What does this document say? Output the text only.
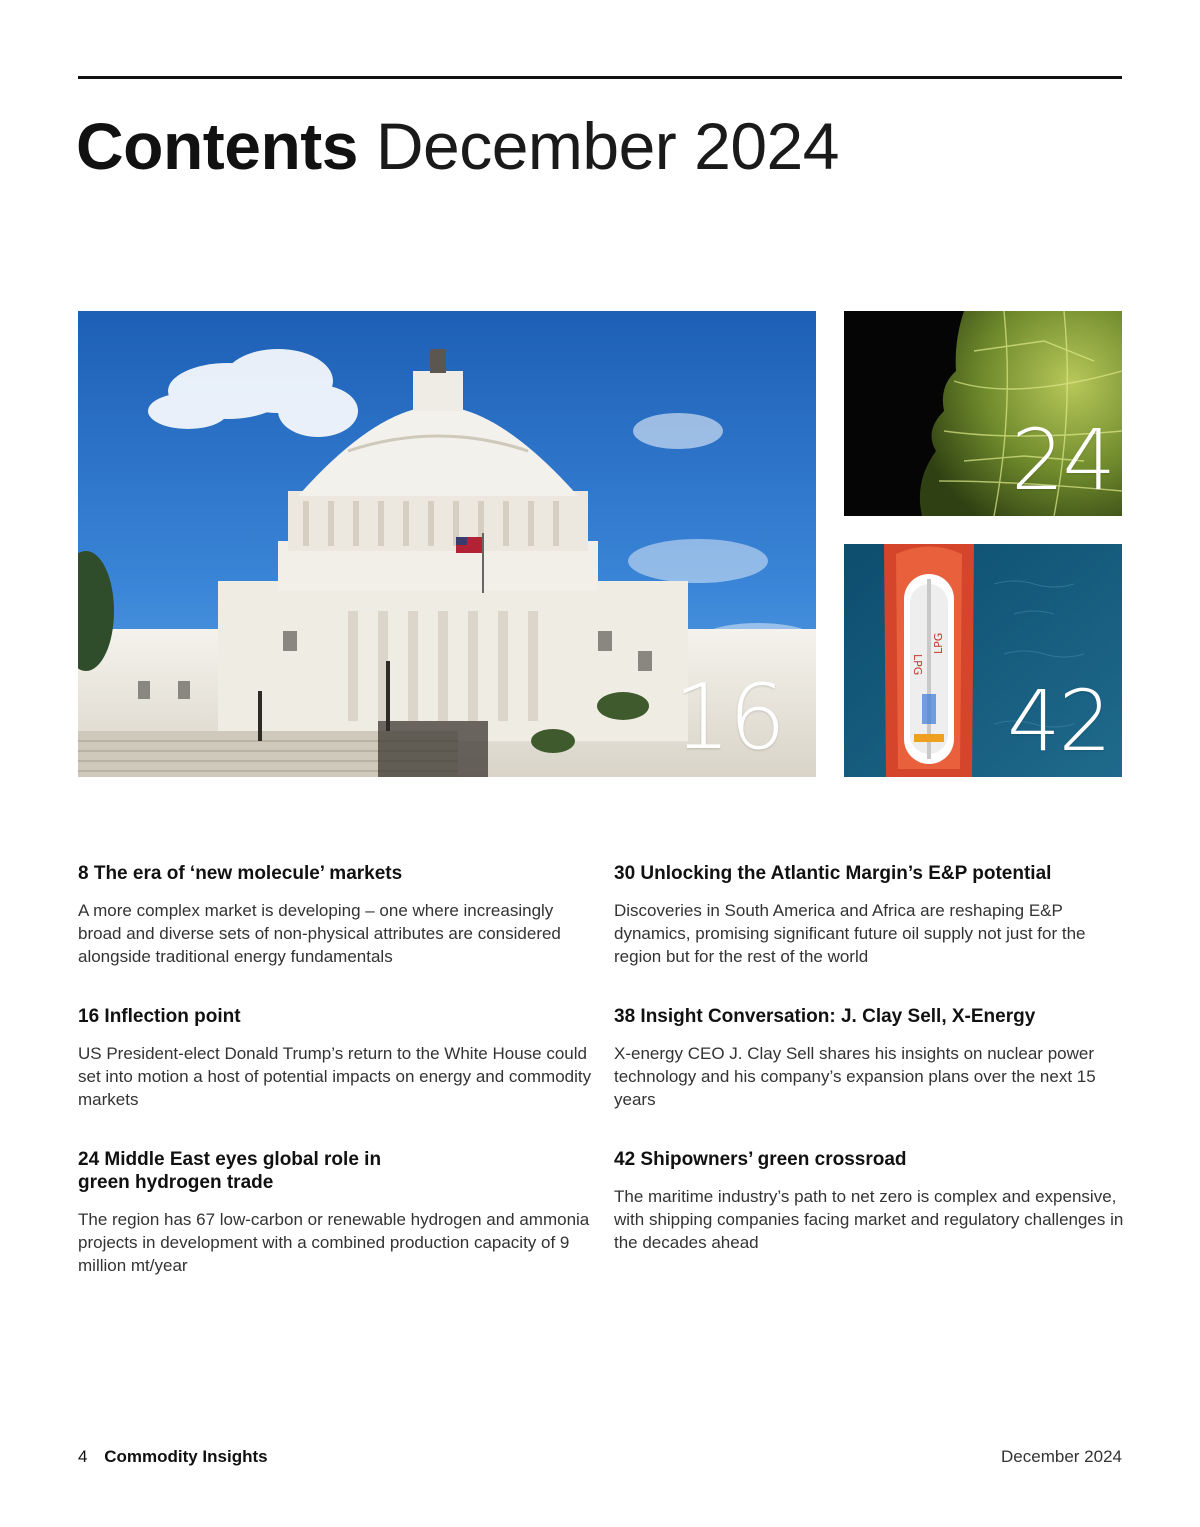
Contents December 2024
16
24
LPG
LPG
42
8 The era of ‘new molecule’ markets

A more complex market is developing – one where increasingly broad and diverse sets of non-physical attributes are considered alongside traditional energy fundamentals

16 Inflection point

US President-elect Donald Trump’s return to the White House could set into motion a host of potential impacts on energy and commodity markets

24 Middle East eyes global role in green hydrogen trade

The region has 67 low-carbon or renewable hydrogen and ammonia projects in development with a combined production capacity of 9 million mt/year

30 Unlocking the Atlantic Margin’s E&P potential

Discoveries in South America and Africa are reshaping E&P dynamics, promising significant future oil supply not just for the region but for the rest of the world

38 Insight Conversation: J. Clay Sell, X-Energy

X-energy CEO J. Clay Sell shares his insights on nuclear power technology and his company’s expansion plans over the next 15 years

42 Shipowners’ green crossroad

The maritime industry’s path to net zero is complex and expensive, with shipping companies facing market and regulatory challenges in the decades ahead

4 Commodity Insights	December 2024
